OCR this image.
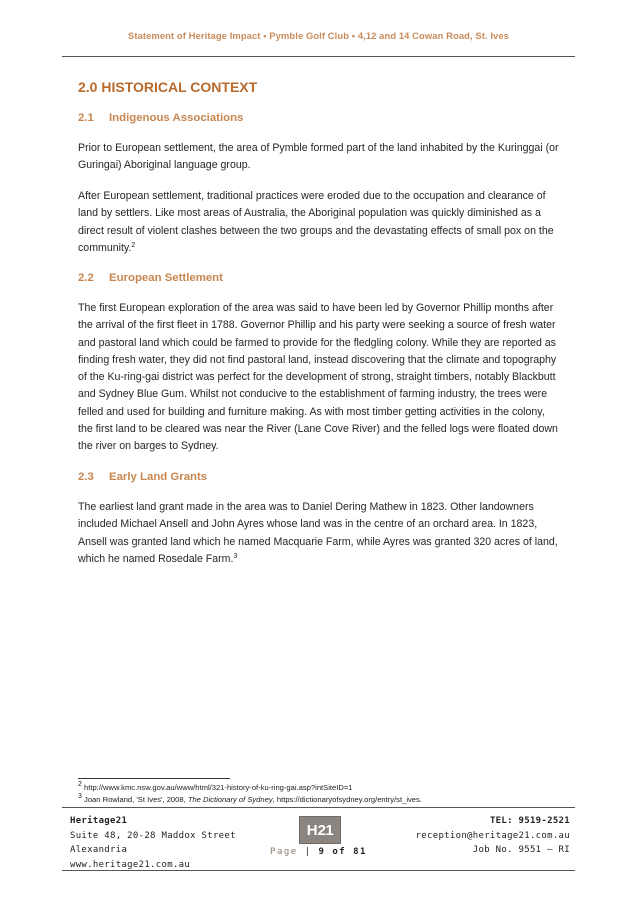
Statement of Heritage Impact • Pymble Golf Club • 4,12 and 14 Cowan Road, St. Ives
2.0 HISTORICAL CONTEXT
2.1 Indigenous Associations

Prior to European settlement, the area of Pymble formed part of the land inhabited by the Kuringgai (or Guringai) Aboriginal language group.

After European settlement, traditional practices were eroded due to the occupation and clearance of land by settlers. Like most areas of Australia, the Aboriginal population was quickly diminished as a direct result of violent clashes between the two groups and the devastating effects of small pox on the community.$^2$

2.2 European Settlement

The first European exploration of the area was said to have been led by Governor Phillip months after the arrival of the first fleet in 1788. Governor Phillip and his party were seeking a source of fresh water and pastoral land which could be farmed to provide for the fledgling colony. While they are reported as finding fresh water, they did not find pastoral land, instead discovering that the climate and topography of the Ku-ring-gai district was perfect for the development of strong, straight timbers, notably Blackbutt and Sydney Blue Gum. Whilst not conducive to the establishment of farming industry, the trees were felled and used for building and furniture making. As with most timber getting activities in the colony, the first land to be cleared was near the River (Lane Cove River) and the felled logs were floated down the river on barges to Sydney.

2.3 Early Land Grants

The earliest land grant made in the area was to Daniel Dering Mathew in 1823. Other landowners included Michael Ansell and John Ayres whose land was in the centre of an orchard area. In 1823, Ansell was granted land which he named Macquarie Farm, while Ayres was granted 320 acres of land, which he named Rosedale Farm.$^3$

$^2$ http://www.kmc.nsw.gov.au/www/html/321-history-of-ku-ring-gai.asp?intSiteID=1
$^3$ Joan Rowland, 'St Ives', 2008, The Dictionary of Sydney, https://dictionaryofsydney.org/entry/st_ives.
Heritage21
Suite 48, 20-28 Maddox Street
Alexandria
www.heritage21.com.au
H 21
Page | 9 of 81
TEL: 9519-2521
reception@heritage21.com.au
Job No. 9551 – RI
